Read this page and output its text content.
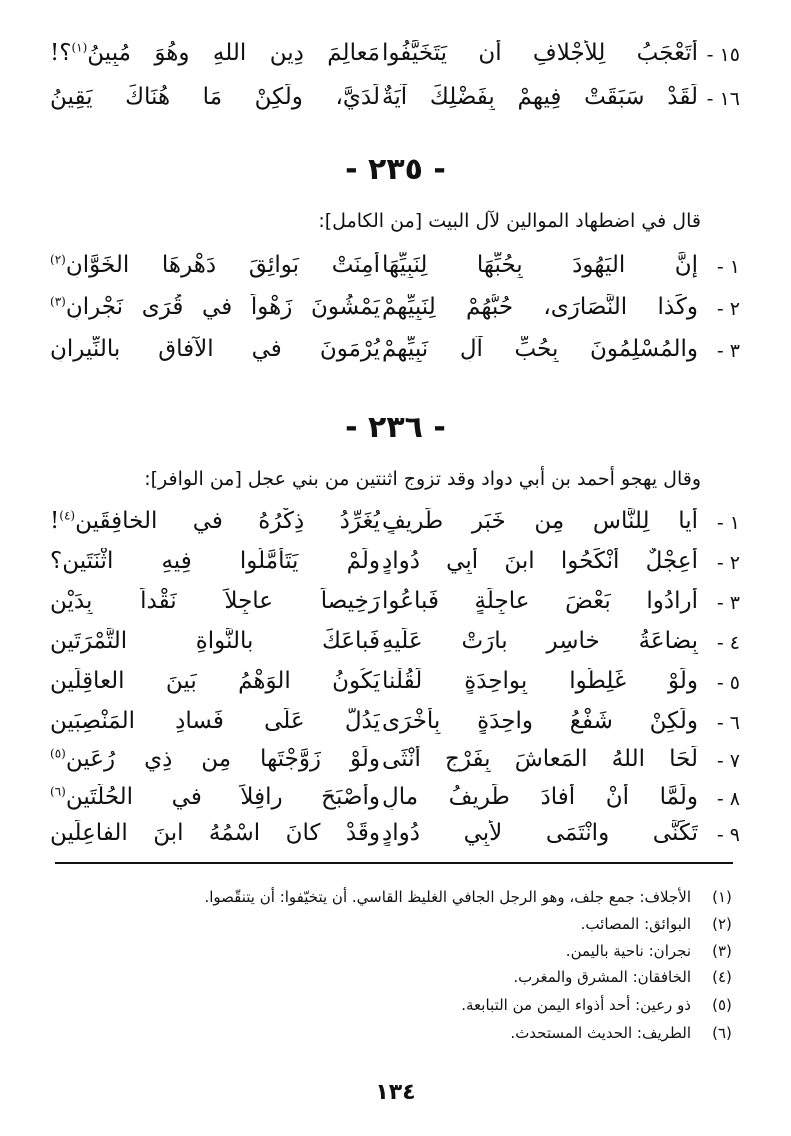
١٥ -
أَتَعْجَبُ لِلأَجْلافِ أن يَتَخَيَّفُوا
مَعالِمَ دِينِ اللهِ وهُوَ مُبِينُ$^{(١)}$؟!
١٦ -
لَقَدْ سَبَقَتْ فِيهِمْ بِفَضْلِكَ آيَةٌ
لَدَيَّ، ولَكِنْ مَا هُنَاكَ يَقِينُ
- ٢٣٥ -
قال في اضطهاد الموالين لآل البيت [من الكامل]:
١ -
إنَّ اليَهُودَ بِحُبِّهَا لِنَبِيِّهَا
أمِنَتْ بَوائِقَ دَهْرِهَا الخَوَّانِ$^{(٢)}$
٢ -
وكَذا النَّصَارَى، حُبُّهُمْ لِنَبِيِّهِمْ
يَمْشُونَ زَهْواً في قُرَى نَجْرانِ$^{(٣)}$
٣ -
والمُسْلِمُونَ بِحُبِّ آلِ نَبِيِّهِمْ
يُرْمَونَ في الآفاقِ بالنِّيرانِ
- ٢٣٦ -
وقال يهجو أحمد بن أبي دواد وقد تزوج اثنتين من بني عجل [من الوافر]:
١ -
أيا لِلنَّاسِ مِن خَبَرٍ طَرِيفٍ
يُغَرِّدُ ذِكْرُهُ في الخافِقَينِ$^{(٤)}$!
٢ -
أَعِجْلٌ أَنْكَحُوا ابنَ أبِي دُوادٍ
ولَمْ يَتَأَمَّلُوا فِيهِ اثْنَتَينِ؟
٣ -
أرادُوا بَعْضَ عاجِلَةٍ فَباعُوا
رَخِيصاً عاجِلاً نَقْداً بِدَيْنِ
٤ -
بِضاعَةُ خاسِرٍ بارَتْ عَلَيهِ
فَباعَكَ بالنَّواةِ التَّمْرَتَينِ
٥ -
ولَوْ غَلِطُوا بِواحِدَةٍ لَقُلْنا
يَكُونُ الوَهْمُ بَينَ العاقِلَينِ
٦ -
ولَكِنْ شَفْعُ واحِدَةٍ بِأُخْرَى
يَدُلُّ عَلَى فَسادِ المَنْصِبَينِ
٧ -
لَحَا اللهُ المَعاشَ بِفَرْجِ أُنْثَى
ولَوْ زَوَّجْتَها مِن ذِي رُعَينِ$^{(٥)}$
٨ -
ولَمَّا أنْ أفادَ طَرِيفُ مالٍ
وأَصْبَحَ رافِلاً في الحُلَّتَينِ$^{(٦)}$
٩ -
تَكَنَّى وانْتَمَى لأَبِي دُوادٍ
وقَدْ كانَ اسْمُهُ ابنَ الفاعِلَينِ
(١)
الأجلاف: جمع جلف، وهو الرجل الجافي الغليظ القاسي. أن يتخيّفوا: أن يتنقّصوا.
(٢)
البوائق: المصائب.
(٣)
نجران: ناحية باليمن.
(٤)
الخافقان: المشرق والمغرب.
(٥)
ذو رعين: أحد أذواء اليمن من التبابعة.
(٦)
الطريف: الحديث المستحدث.
١٣٤
